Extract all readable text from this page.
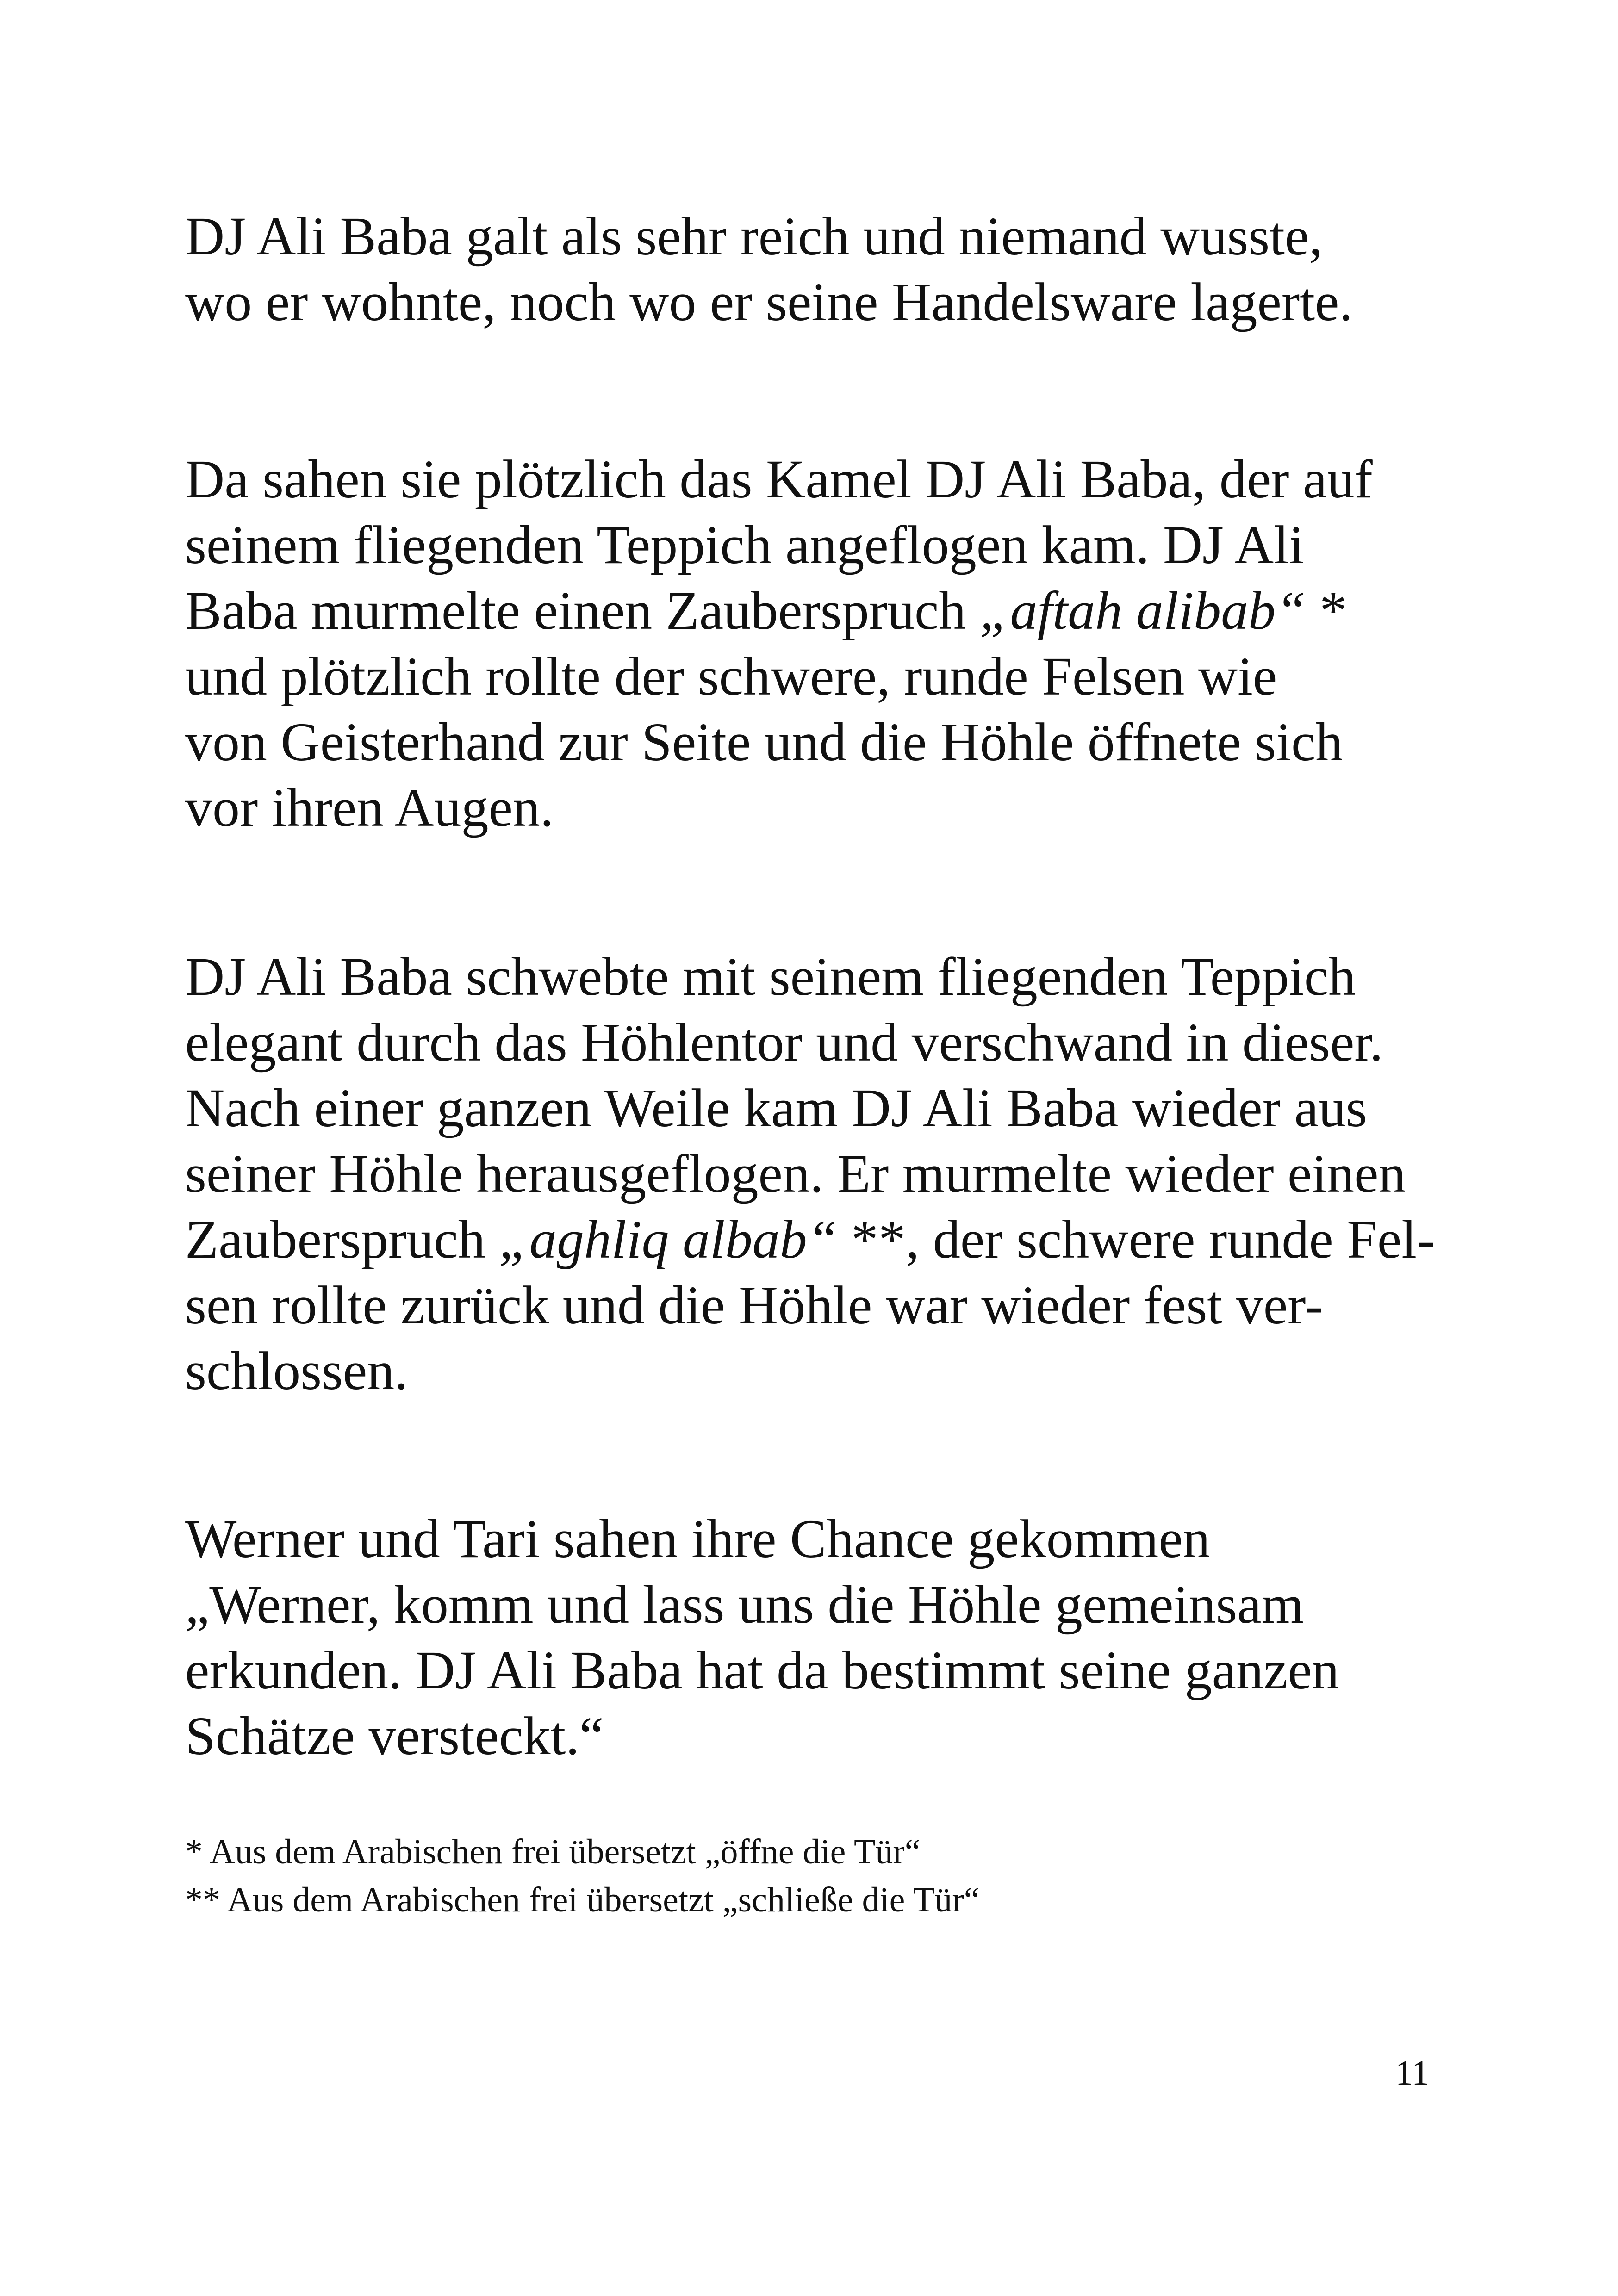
DJ Ali Baba galt als sehr reich und niemand wusste,
wo er wohnte, noch wo er seine Handelsware lagerte.

Da sahen sie plötzlich das Kamel DJ Ali Baba, der auf
seinem fliegenden Teppich angeflogen kam. DJ Ali
Baba murmelte einen Zauberspruch „aftah alibab“ *
und plötzlich rollte der schwere, runde Felsen wie
von Geisterhand zur Seite und die Höhle öffnete sich
vor ihren Augen.

DJ Ali Baba schwebte mit seinem fliegenden Teppich
elegant durch das Höhlentor und verschwand in dieser.
Nach einer ganzen Weile kam DJ Ali Baba wieder aus
seiner Höhle herausgeflogen. Er murmelte wieder einen
Zauberspruch „aghliq albab“ **, der schwere runde Fel-
sen rollte zurück und die Höhle war wieder fest ver-
schlossen.

Werner und Tari sahen ihre Chance gekommen
„Werner, komm und lass uns die Höhle gemeinsam
erkunden. DJ Ali Baba hat da bestimmt seine ganzen
Schätze versteckt.“

* Aus dem Arabischen frei übersetzt „öffne die Tür“
** Aus dem Arabischen frei übersetzt „schließe die Tür“
11
